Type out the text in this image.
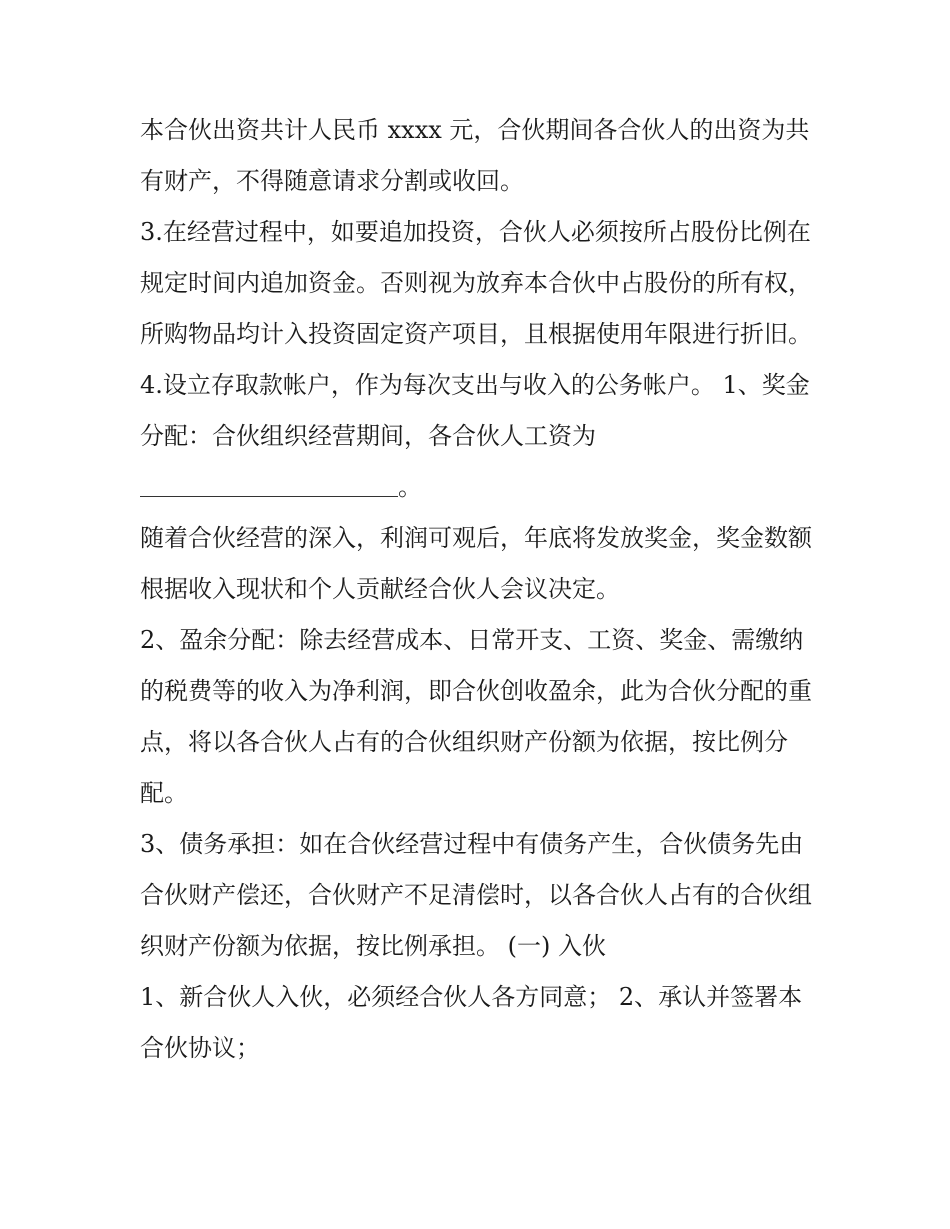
本合伙出资共计人民币 xxxx 元，合伙期间各合伙人的出资为共有财产，不得随意请求分割或收回。

3.在经营过程中，如要追加投资，合伙人必须按所占股份比例在规定时间内追加资金。否则视为放弃本合伙中占股份的所有权，所购物品均计入投资固定资产项目，且根据使用年限进行折旧。

4.设立存取款帐户，作为每次支出与收入的公务帐户。 1、奖金分配：合伙组织经营期间，各合伙人工资为

。

随着合伙经营的深入，利润可观后，年底将发放奖金，奖金数额根据收入现状和个人贡献经合伙人会议决定。

2、盈余分配：除去经营成本、日常开支、工资、奖金、需缴纳的税费等的收入为净利润，即合伙创收盈余，此为合伙分配的重点，将以各合伙人占有的合伙组织财产份额为依据，按比例分配。

3、债务承担：如在合伙经营过程中有债务产生，合伙债务先由合伙财产偿还，合伙财产不足清偿时，以各合伙人占有的合伙组织财产份额为依据，按比例承担。 (一) 入伙

1、新合伙人入伙，必须经合伙人各方同意； 2、承认并签署本合伙协议；
